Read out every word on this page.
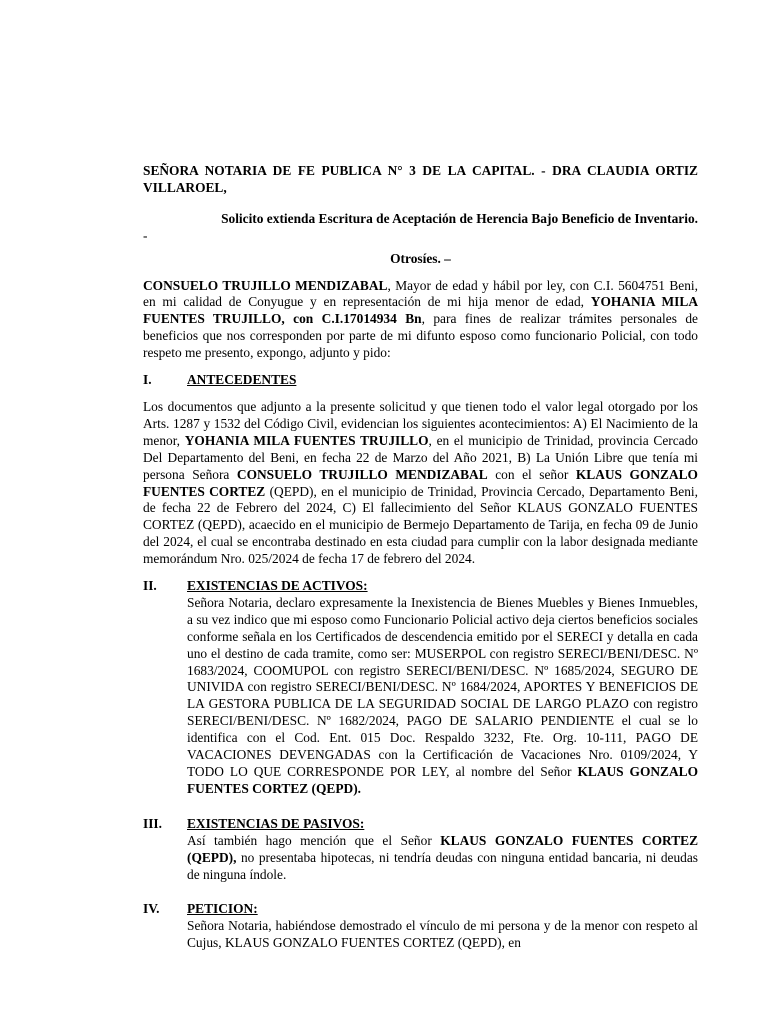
SEÑORA NOTARIA DE FE PUBLICA N° 3 DE LA CAPITAL. - DRA CLAUDIA ORTIZ VILLAROEL,

Solicito extienda Escritura de Aceptación de Herencia Bajo Beneficio de Inventario.

-

Otrosíes. –

CONSUELO TRUJILLO MENDIZABAL, Mayor de edad y hábil por ley, con C.I. 5604751 Beni, en mi calidad de Conyugue y en representación de mi hija menor de edad, YOHANIA MILA FUENTES TRUJILLO, con C.I.17014934 Bn, para fines de realizar trámites personales de beneficios que nos corresponden por parte de mi difunto esposo como funcionario Policial, con todo respeto me presento, expongo, adjunto y pido:

I.	ANTECEDENTES

Los documentos que adjunto a la presente solicitud y que tienen todo el valor legal otorgado por los Arts. 1287 y 1532 del Código Civil, evidencian los siguientes acontecimientos: A) El Nacimiento de la menor, YOHANIA MILA FUENTES TRUJILLO, en el municipio de Trinidad, provincia Cercado Del Departamento del Beni, en fecha 22 de Marzo del Año 2021, B) La Unión Libre que tenía mi persona Señora CONSUELO TRUJILLO MENDIZABAL con el señor KLAUS GONZALO FUENTES CORTEZ (QEPD), en el municipio de Trinidad, Provincia Cercado, Departamento Beni, de fecha 22 de Febrero del 2024, C) El fallecimiento del Señor KLAUS GONZALO FUENTES CORTEZ (QEPD), acaecido en el municipio de Bermejo Departamento de Tarija, en fecha 09 de Junio del 2024, el cual se encontraba destinado en esta ciudad para cumplir con la labor designada mediante memorándum Nro. 025/2024 de fecha 17 de febrero del 2024.

II.	EXISTENCIAS DE ACTIVOS:

Señora Notaria, declaro expresamente la Inexistencia de Bienes Muebles y Bienes Inmuebles, a su vez indico que mi esposo como Funcionario Policial activo deja ciertos beneficios sociales conforme señala en los Certificados de descendencia emitido por el SERECI y detalla en cada uno el destino de cada tramite, como ser: MUSERPOL con registro SERECI/BENI/DESC. Nº 1683/2024, COOMUPOL con registro SERECI/BENI/DESC. Nº 1685/2024, SEGURO DE UNIVIDA con registro SERECI/BENI/DESC. Nº 1684/2024, APORTES Y BENEFICIOS DE LA GESTORA PUBLICA DE LA SEGURIDAD SOCIAL DE LARGO PLAZO con registro SERECI/BENI/DESC. Nº 1682/2024, PAGO DE SALARIO PENDIENTE el cual se lo identifica con el Cod. Ent. 015 Doc. Respaldo 3232, Fte. Org. 10-111, PAGO DE VACACIONES DEVENGADAS con la Certificación de Vacaciones Nro. 0109/2024, Y TODO LO QUE CORRESPONDE POR LEY, al nombre del Señor KLAUS GONZALO FUENTES CORTEZ (QEPD).

III.	EXISTENCIAS DE PASIVOS:

Así también hago mención que el Señor KLAUS GONZALO FUENTES CORTEZ (QEPD), no presentaba hipotecas, ni tendría deudas con ninguna entidad bancaria, ni deudas de ninguna índole.

IV.	PETICION:

Señora Notaria, habiéndose demostrado el vínculo de mi persona y de la menor con respeto al Cujus, KLAUS GONZALO FUENTES CORTEZ (QEPD), en
